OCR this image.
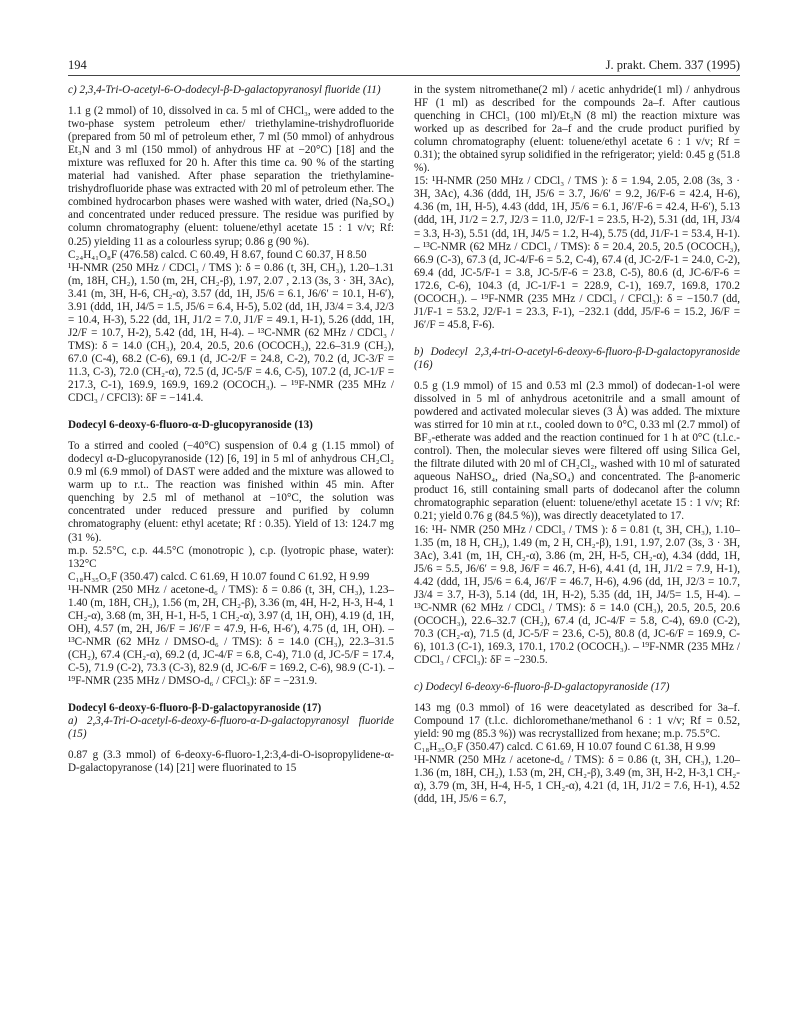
194	J. prakt. Chem. 337 (1995)

c) 2,3,4-Tri-O-acetyl-6-O-dodecyl-β-D-galactopyranosyl fluoride (11)

1.1 g (2 mmol) of 10, dissolved in ca. 5 ml of CHCl₃, were added to the two-phase system petroleum ether/ triethylamine-trishydrofluoride (prepared from 50 ml of petroleum ether, 7 ml (50 mmol) of anhydrous Et₃N and 3 ml (150 mmol) of anhydrous HF at −20°C) [18] and the mixture was refluxed for 20 h. After this time ca. 90 % of the starting material had vanished. After phase separation the triethylamine-trishydrofluoride phase was extracted with 20 ml of petroleum ether. The combined hydrocarbon phases were washed with water, dried (Na₂SO₄) and concentrated under reduced pressure. The residue was purified by column chromatography (eluent: toluene/ethyl acetate 15 : 1 v/v; Rf: 0.25) yielding 11 as a colourless syrup; 0.86 g (90 %).

C₂₄H₄₁O₈F (476.58) calcd. C 60.49, H 8.67, found C 60.37, H 8.50

¹H-NMR (250 MHz / CDCl₃ / TMS ): δ = 0.86 (t, 3H, CH₃), 1.20–1.31 (m, 18H, CH₂), 1.50 (m, 2H, CH₂-β), 1.97, 2.07 , 2.13 (3s, 3 · 3H, 3Ac), 3.41 (m, 3H, H-6, CH₂-α), 3.57 (dd, 1H, J5/6 = 6.1, J6/6′ = 10.1, H-6′), 3.91 (ddd, 1H, J4/5 = 1.5, J5/6 = 6.4, H-5), 5.02 (dd, 1H, J3/4 = 3.4, J2/3 = 10.4, H-3), 5.22 (dd, 1H, J1/2 = 7.0, J1/F = 49.1, H-1), 5.26 (ddd, 1H, J2/F = 10.7, H-2), 5.42 (dd, 1H, H-4). – ¹³C-NMR (62 MHz / CDCl₃ / TMS): δ = 14.0 (CH₃), 20.4, 20.5, 20.6 (OCOCH₃), 22.6–31.9 (CH₂), 67.0 (C-4), 68.2 (C-6), 69.1 (d, JC-2/F = 24.8, C-2), 70.2 (d, JC-3/F = 11.3, C-3), 72.0 (CH₂-α), 72.5 (d, JC-5/F = 4.6, C-5), 107.2 (d, JC-1/F = 217.3, C-1), 169.9, 169.9, 169.2 (OCOCH₃). – ¹⁹F-NMR (235 MHz / CDCl₃ / CFCl3): δF = −141.4.

Dodecyl 6-deoxy-6-fluoro-α-D-glucopyranoside (13)

To a stirred and cooled (−40°C) suspension of 0.4 g (1.15 mmol) of dodecyl α-D-glucopyranoside (12) [6, 19] in 5 ml of anhydrous CH₂Cl₂ 0.9 ml (6.9 mmol) of DAST were added and the mixture was allowed to warm up to r.t.. The reaction was finished within 45 min. After quenching by 2.5 ml of methanol at −10°C, the solution was concentrated under reduced pressure and purified by column chromatography (eluent: ethyl acetate; Rf : 0.35). Yield of 13: 124.7 mg (31 %).

m.p. 52.5°C, c.p. 44.5°C (monotropic ), c.p. (lyotropic phase, water): 132°C

C₁₈H₃₅O₅F (350.47) calcd. C 61.69, H 10.07 found C 61.92, H 9.99

¹H-NMR (250 MHz / acetone-d₆ / TMS): δ = 0.86 (t, 3H, CH₃), 1.23–1.40 (m, 18H, CH₂), 1.56 (m, 2H, CH₂-β), 3.36 (m, 4H, H-2, H-3, H-4, 1 CH₂-α), 3.68 (m, 3H, H-1, H-5, 1 CH₂-α), 3.97 (d, 1H, OH), 4.19 (d, 1H, OH), 4.57 (m, 2H, J6/F = J6′/F = 47.9, H-6, H-6′), 4.75 (d, 1H, OH). – ¹³C-NMR (62 MHz / DMSO-d₆ / TMS): δ = 14.0 (CH₃), 22.3–31.5 (CH₂), 67.4 (CH₂-α), 69.2 (d, JC-4/F = 6.8, C-4), 71.0 (d, JC-5/F = 17.4, C-5), 71.9 (C-2), 73.3 (C-3), 82.9 (d, JC-6/F = 169.2, C-6), 98.9 (C-1). – ¹⁹F-NMR (235 MHz / DMSO-d₆ / CFCl₃): δF = −231.9.

Dodecyl 6-deoxy-6-fluoro-β-D-galactopyranoside (17)

a) 2,3,4-Tri-O-acetyl-6-deoxy-6-fluoro-α-D-galactopyranosyl fluoride (15)

0.87 g (3.3 mmol) of 6-deoxy-6-fluoro-1,2:3,4-di-O-isopropylidene-α-D-galactopyranose (14) [21] were fluorinated to 15

in the system nitromethane(2 ml) / acetic anhydride(1 ml) / anhydrous HF (1 ml) as described for the compounds 2a–f. After cautious quenching in CHCl₃ (100 ml)/Et₃N (8 ml) the reaction mixture was worked up as described for 2a–f and the crude product purified by column chromatography (eluent: toluene/ethyl acetate 6 : 1 v/v; Rf = 0.31); the obtained syrup solidified in the refrigerator; yield: 0.45 g (51.8 %).

15: ¹H-NMR (250 MHz / CDCl₃ / TMS ): δ = 1.94, 2.05, 2.08 (3s, 3 · 3H, 3Ac), 4.36 (ddd, 1H, J5/6 = 3.7, J6/6′ = 9.2, J6/F-6 = 42.4, H-6), 4.36 (m, 1H, H-5), 4.43 (ddd, 1H, J5/6 = 6.1, J6′/F-6 = 42.4, H-6′), 5.13 (ddd, 1H, J1/2 = 2.7, J2/3 = 11.0, J2/F-1 = 23.5, H-2), 5.31 (dd, 1H, J3/4 = 3.3, H-3), 5.51 (dd, 1H, J4/5 = 1.2, H-4), 5.75 (dd, J1/F-1 = 53.4, H-1). – ¹³C-NMR (62 MHz / CDCl₃ / TMS): δ = 20.4, 20.5, 20.5 (OCOCH₃), 66.9 (C-3), 67.3 (d, JC-4/F-6 = 5.2, C-4), 67.4 (d, JC-2/F-1 = 24.0, C-2), 69.4 (dd, JC-5/F-1 = 3.8, JC-5/F-6 = 23.8, C-5), 80.6 (d, JC-6/F-6 = 172.6, C-6), 104.3 (d, JC-1/F-1 = 228.9, C-1), 169.7, 169.8, 170.2 (OCOCH₃). – ¹⁹F-NMR (235 MHz / CDCl₃ / CFCl₃): δ = −150.7 (dd, J1/F-1 = 53.2, J2/F-1 = 23.3, F-1), −232.1 (ddd, J5/F-6 = 15.2, J6/F = J6′/F = 45.8, F-6).

b) Dodecyl 2,3,4-tri-O-acetyl-6-deoxy-6-fluoro-β-D-galactopyranoside (16)

0.5 g (1.9 mmol) of 15 and 0.53 ml (2.3 mmol) of dodecan-1-ol were dissolved in 5 ml of anhydrous acetonitrile and a small amount of powdered and activated molecular sieves (3 Å) was added. The mixture was stirred for 10 min at r.t., cooled down to 0°C, 0.33 ml (2.7 mmol) of BF₃-etherate was added and the reaction continued for 1 h at 0°C (t.l.c.-control). Then, the molecular sieves were filtered off using Silica Gel, the filtrate diluted with 20 ml of CH₂Cl₂, washed with 10 ml of saturated aqueous NaHSO₄, dried (Na₂SO₄) and concentrated. The β-anomeric product 16, still containing small parts of dodecanol after the column chromatographic separation (eluent: toluene/ethyl acetate 15 : 1 v/v; Rf: 0.21; yield 0.76 g (84.5 %)), was directly deacetylated to 17.

16: ¹H- NMR (250 MHz / CDCl₃ / TMS ): δ = 0.81 (t, 3H, CH₃), 1.10–1.35 (m, 18 H, CH₂), 1.49 (m, 2 H, CH₂-β), 1.91, 1.97, 2.07 (3s, 3 · 3H, 3Ac), 3.41 (m, 1H, CH₂-α), 3.86 (m, 2H, H-5, CH₂-α), 4.34 (ddd, 1H, J5/6 = 5.5, J6/6′ = 9.8, J6/F = 46.7, H-6), 4.41 (d, 1H, J1/2 = 7.9, H-1), 4.42 (ddd, 1H, J5/6 = 6.4, J6′/F = 46.7, H-6), 4.96 (dd, 1H, J2/3 = 10.7, J3/4 = 3.7, H-3), 5.14 (dd, 1H, H-2), 5.35 (dd, 1H, J4/5= 1.5, H-4). – ¹³C-NMR (62 MHz / CDCl₃ / TMS): δ = 14.0 (CH₃), 20.5, 20.5, 20.6 (OCOCH₃), 22.6–32.7 (CH₂), 67.4 (d, JC-4/F = 5.8, C-4), 69.0 (C-2), 70.3 (CH₂-α), 71.5 (d, JC-5/F = 23.6, C-5), 80.8 (d, JC-6/F = 169.9, C-6), 101.3 (C-1), 169.3, 170.1, 170.2 (OCOCH₃). – ¹⁹F-NMR (235 MHz / CDCl₃ / CFCl₃): δF = −230.5.

c) Dodecyl 6-deoxy-6-fluoro-β-D-galactopyranoside (17)

143 mg (0.3 mmol) of 16 were deacetylated as described for 3a–f. Compound 17 (t.l.c. dichloromethane/methanol 6 : 1 v/v; Rf = 0.52, yield: 90 mg (85.3 %)) was recrystallized from hexane; m.p. 75.5°C.

C₁₈H₃₅O₅F (350.47) calcd. C 61.69, H 10.07 found C 61.38, H 9.99

¹H-NMR (250 MHz / acetone-d₆ / TMS): δ = 0.86 (t, 3H, CH₃), 1.20–1.36 (m, 18H, CH₂), 1.53 (m, 2H, CH₂-β), 3.49 (m, 3H, H-2, H-3,1 CH₂-α), 3.79 (m, 3H, H-4, H-5, 1 CH₂-α), 4.21 (d, 1H, J1/2 = 7.6, H-1), 4.52 (ddd, 1H, J5/6 = 6.7,
